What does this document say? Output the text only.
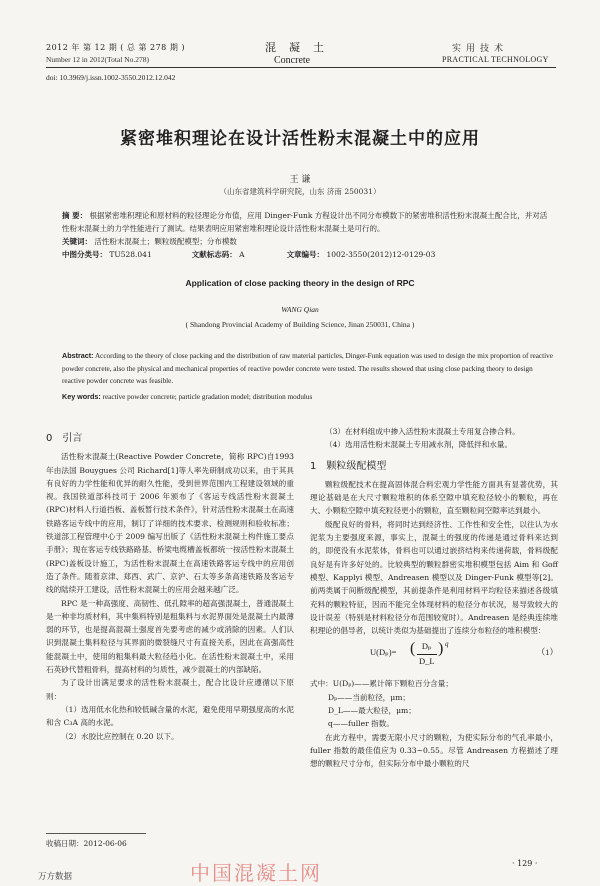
2012 年 第 12 期 ( 总 第 278 期 )
Number 12 in 2012(Total No.278)
混凝土
Concrete
实用技术
PRACTICAL TECHNOLOGY
doi: 10.3969/j.issn.1002-3550.2012.12.042
紧密堆积理论在设计活性粉末混凝土中的应用
王 谦
（山东省建筑科学研究院，山东 济南 250031）
摘 要： 根据紧密堆积理论和原材料的粒径理论分布值，应用 Dinger-Funk 方程设计出不同分布模数下的紧密堆积活性粉末混凝土配合比，并对活性粉末混凝土的力学性能进行了测试。结果表明应用紧密堆积理论设计活性粉末混凝土是可行的。
关键词： 活性粉末混凝土；颗粒级配模型；分布模数
中图分类号： TU528.041	文献标志码： A	文章编号： 1002-3550(2012)12-0129-03
Application of close packing theory in the design of RPC
WANG Qian
( Shandong Provincial Academy of Building Science, Jinan 250031, China )
Abstract: According to the theory of close packing and the distribution of raw material particles, Dinger-Funk equation was used to design the mix proportion of reactive powder concrete, also the physical and mechanical properties of reactive powder concrete were tested. The results showed that using close packing theory to design reactive powder concrete was feasible.
Key words: reactive powder concrete; particle gradation model; distribution modulus
0 引言

活性粉末混凝土(Reactive Powder Concrete，简称 RPC)自1993 年由法国 Bouygues 公司 Richard[1]等人率先研制成功以来，由于其具有良好的力学性能和优异的耐久性能，受到世界范围内工程建设领域的重视。我国铁道部科技司于 2006 年颁布了《客运专线活性粉末混凝土(RPC)材料人行道挡板、盖板暂行技术条件》，针对活性粉末混凝土在高速铁路客运专线中的应用，制订了详细的技术要求、检测规则和验收标准；铁道部工程管理中心于 2009 编写出版了《活性粉末混凝土构件施工要点手册》；现在客运专线铁路路基、桥梁电缆槽盖板都统一按活性粉末混凝土(RPC)盖板设计施工，为活性粉末混凝土在高速铁路客运专线中的应用创造了条件。随着京津、郑西、武广、京沪、石太等多条高速铁路及客运专线的陆续开工建设，活性粉末混凝土的应用会越来越广泛。

RPC 是一种高强度、高韧性、低孔隙率的超高强混凝土，普通混凝土是一种非均质材料，其中集料特别是粗集料与水泥界面处是混凝土内最薄弱的环节，也是提高混凝土强度首先要考虑的减少或消除的因素。人们认识到混凝土集料粒径与其界面的微裂缝尺寸有直接关系，因此在高强高性能混凝土中，使用的粗集料最大粒径趋小化。在活性粉末混凝土中，采用石英砂代替粗骨料，提高材料的匀质性，减少混凝土的内部缺陷。

为了设计出满足要求的活性粉末混凝土，配合比设计应遵循以下原则：

（1）选用低水化热和较低碱含量的水泥，避免使用早期强度高的水泥和含 C₃A 高的水泥。

（2）水胶比应控制在 0.20 以下。

（3）在材料组成中掺入活性粉末混凝土专用复合掺合料。

（4）选用活性粉末混凝土专用减水剂，降低拌和水量。

1 颗粒级配模型

颗粒级配技术在提高固体混合料宏观力学性能方面具有显著优势，其理论基础是在大尺寸颗粒堆积的体系空隙中填充粒径较小的颗粒，再在大、小颗粒空隙中填充粒径更小的颗粒，直至颗粒间空隙率达到最小。

级配良好的骨料，将同时达到经济性、工作性和安全性，以往认为水泥浆为主要强度来源，事实上，混凝土的强度的传递是通过骨料来达到的，即使没有水泥浆体，骨料也可以通过嵌挤结构来传递荷载，骨料级配良好是有许多好处的。比较典型的颗粒群密实堆积模型包括 Aim 和 Goff 模型、Kapplyi 模型、Andreasen 模型以及 Dinger-Funk 模型等[2]。前两类属于间断级配模型，其前提条件是利用材料平均粒径来描述各级填充料的颗粒特征，因而不能完全体现材料的粒径分布状况，易导致较大的设计误差（特别是材料粒径分布范围较宽时）。Andreasen 是经典连续堆积理论的倡导者，以统计类似为基础提出了连续分布粒径的堆积模型：

$U(D_p)= \frac{\text{Dₚ}}{D\_L}$
( ) q
（1）

式中：U(Dₚ)——累计筛下颗粒百分含量；

Dₚ——当前粒径，μm；

D_L——最大粒径，μm；

q——fuller 指数。

在此方程中，需要无限小尺寸的颗粒，为使实际分布的气孔率最小，fuller 指数的最佳值应为 0.33~0.55。尽管 Andreasen 方程描述了理想的颗粒尺寸分布，但实际分布中最小颗粒的尺

收稿日期：2012-06-06
· 129 ·
中国混凝土网
万方数据
